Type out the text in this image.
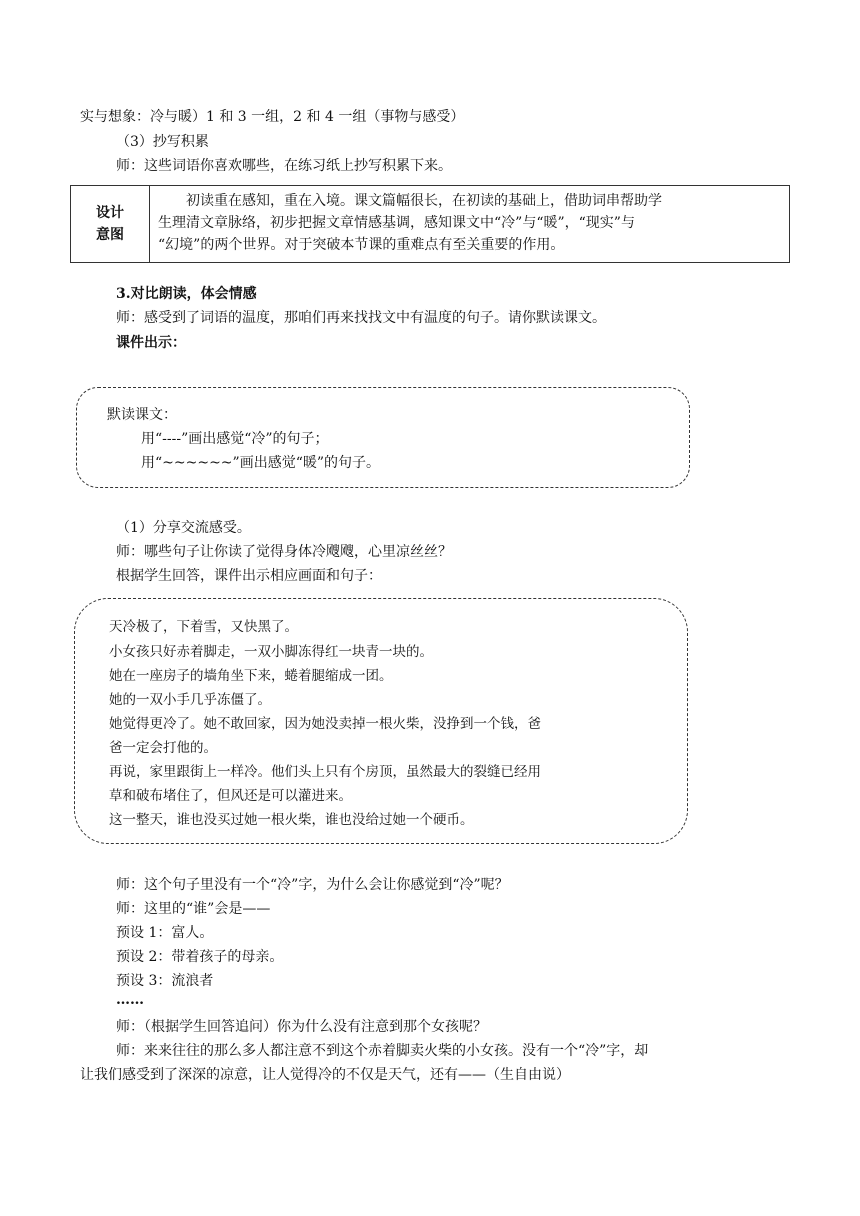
实与想象：冷与暖）1 和 3 一组，2 和 4 一组（事物与感受）
（3）抄写积累
师：这些词语你喜欢哪些，在练习纸上抄写积累下来。
设计
意图
初读重在感知，重在入境。课文篇幅很长，在初读的基础上，借助词串帮助学
生理清文章脉络，初步把握文章情感基调，感知课文中“冷”与“暖”，“现实”与
“幻境”的两个世界。对于突破本节课的重难点有至关重要的作用。
3.对比朗读，体会情感
师：感受到了词语的温度，那咱们再来找找文中有温度的句子。请你默读课文。
课件出示：
默读课文：
用“----”画出感觉“冷”的句子；
用“~~~~~~”画出感觉“暖”的句子。
（1）分享交流感受。
师：哪些句子让你读了觉得身体冷飕飕，心里凉丝丝？
根据学生回答，课件出示相应画面和句子：
天冷极了，下着雪，又快黑了。
小女孩只好赤着脚走，一双小脚冻得红一块青一块的。
她在一座房子的墙角坐下来，蜷着腿缩成一团。
她的一双小手几乎冻僵了。
她觉得更冷了。她不敢回家，因为她没卖掉一根火柴，没挣到一个钱，爸
爸一定会打他的。
再说，家里跟街上一样冷。他们头上只有个房顶，虽然最大的裂缝已经用
草和破布堵住了，但风还是可以灌进来。
这一整天，谁也没买过她一根火柴，谁也没给过她一个硬币。
师：这个句子里没有一个“冷”字，为什么会让你感觉到“冷”呢？
师：这里的“谁”会是——
预设 1：富人。
预设 2：带着孩子的母亲。
预设 3：流浪者
……
师：（根据学生回答追问）你为什么没有注意到那个女孩呢？
师：来来往往的那么多人都注意不到这个赤着脚卖火柴的小女孩。没有一个“冷”字，却
让我们感受到了深深的凉意，让人觉得冷的不仅是天气，还有——（生自由说）
